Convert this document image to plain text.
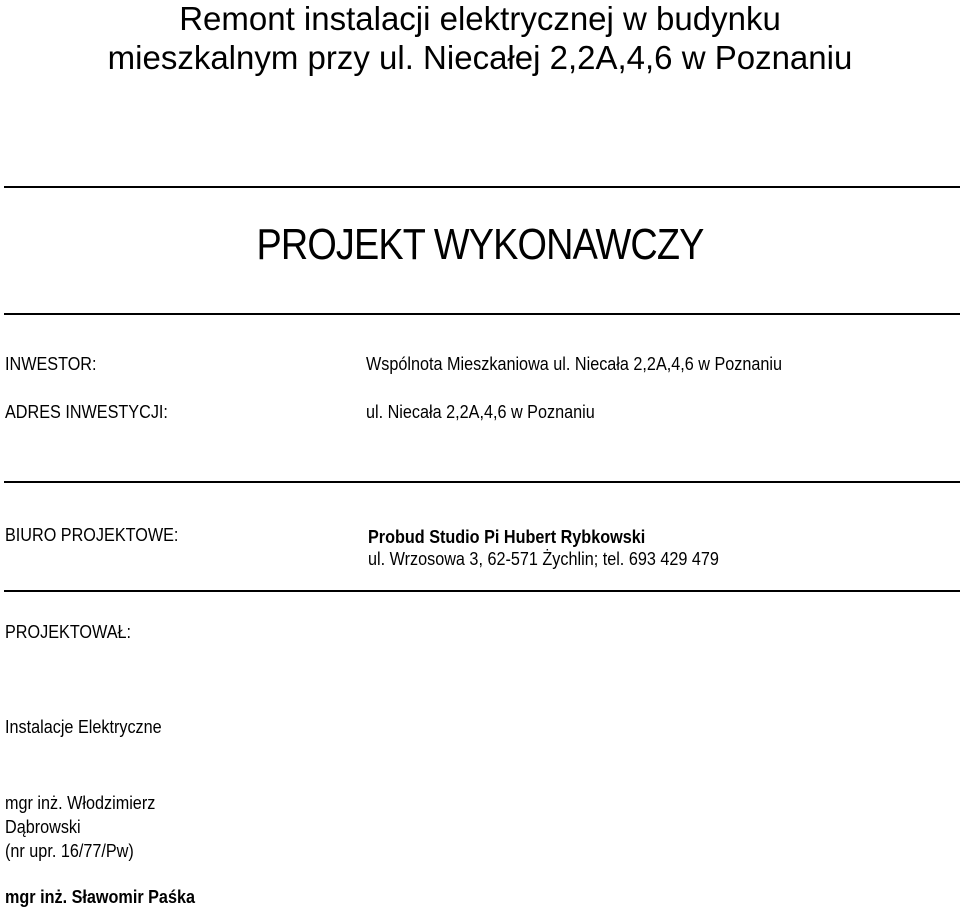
Remont instalacji elektrycznej w budynku
mieszkalnym przy ul. Niecałej 2,2A,4,6 w Poznaniu
PROJEKT WYKONAWCZY
INWESTOR:	Wspólnota Mieszkaniowa ul. Niecała 2,2A,4,6 w Poznaniu
ADRES INWESTYCJI:	ul. Niecała 2,2A,4,6 w Poznaniu
BIURO PROJEKTOWE:	Probud Studio Pi Hubert Rybkowski
ul. Wrzosowa 3, 62-571 Żychlin; tel. 693 429 479
PROJEKTOWAŁ:
Instalacje Elektryczne
mgr inż. Włodzimierz
Dąbrowski
(nr upr. 16/77/Pw)
mgr inż. Sławomir Paśka
